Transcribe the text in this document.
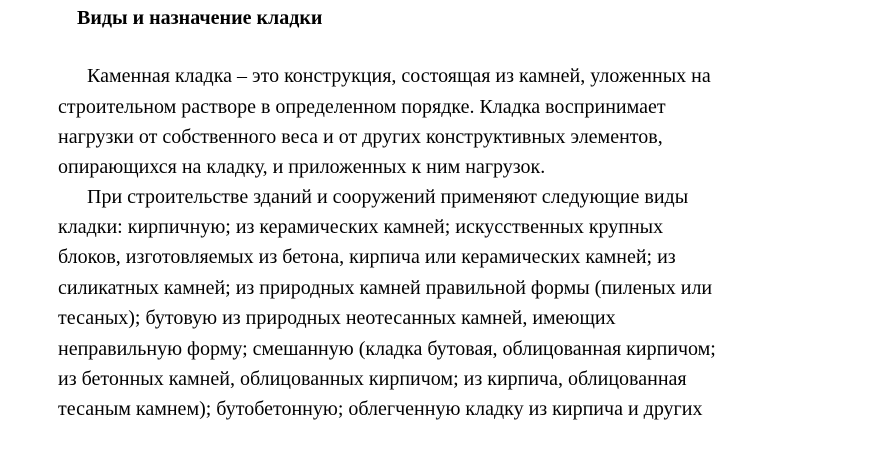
Виды и назначение кладки
Каменная кладка – это конструкция, состоящая из камней, уложенных на
строительном растворе в определенном порядке. Кладка воспринимает
нагрузки от собственного веса и от других конструктивных элементов,
опирающихся на кладку, и приложенных к ним нагрузок.
При строительстве зданий и сооружений применяют следующие виды
кладки: кирпичную; из керамических камней; искусственных крупных
блоков, изготовляемых из бетона, кирпича или керамических камней; из
силикатных камней; из природных камней правильной формы (пиленых или
тесаных); бутовую из природных неотесанных камней, имеющих
неправильную форму; смешанную (кладка бутовая, облицованная кирпичом;
из бетонных камней, облицованных кирпичом; из кирпича, облицованная
тесаным камнем); бутобетонную; облегченную кладку из кирпича и других
